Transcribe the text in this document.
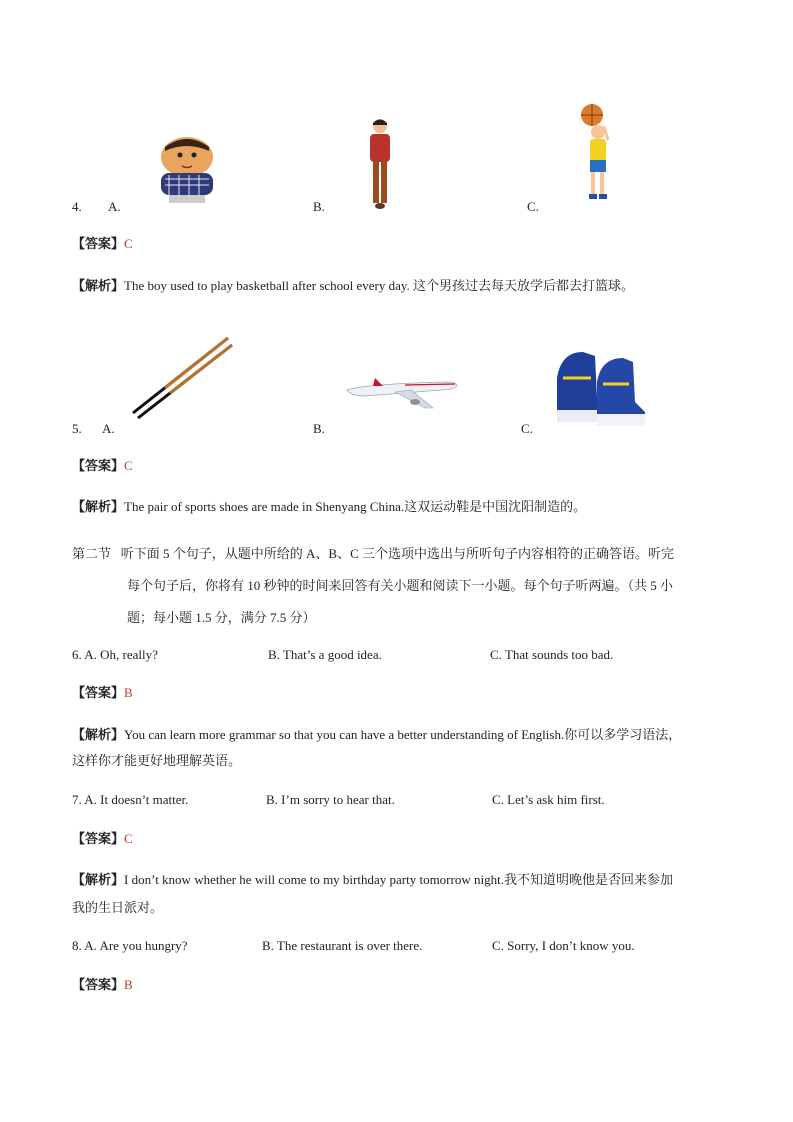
4. A.	B.	C.
【答案】C
【解析】The boy used to play basketball after school every day. 这个男孩过去每天放学后都去打篮球。
5. A.	B.	C.
【答案】C
【解析】The pair of sports shoes are made in Shenyang China.这双运动鞋是中国沈阳制造的。
第二节 听下面 5 个句子，从题中所给的 A、B、C 三个选项中选出与所听句子内容相符的正确答语。听完
每个句子后，你将有 10 秒钟的时间来回答有关小题和阅读下一小题。每个句子听两遍。（共 5 小
题；每小题 1.5 分，满分 7.5 分）
6. A. Oh, really?	B. That’s a good idea.	C. That sounds too bad.
【答案】B
【解析】You can learn more grammar so that you can have a better understanding of English.你可以多学习语法，
这样你才能更好地理解英语。
7. A. It doesn’t matter.	B. I’m sorry to hear that.	C. Let’s ask him first.
【答案】C
【解析】I don’t know whether he will come to my birthday party tomorrow night.我不知道明晚他是否回来参加
我的生日派对。
8. A. Are you hungry?	B. The restaurant is over there.	C. Sorry, I don’t know you.
【答案】B
